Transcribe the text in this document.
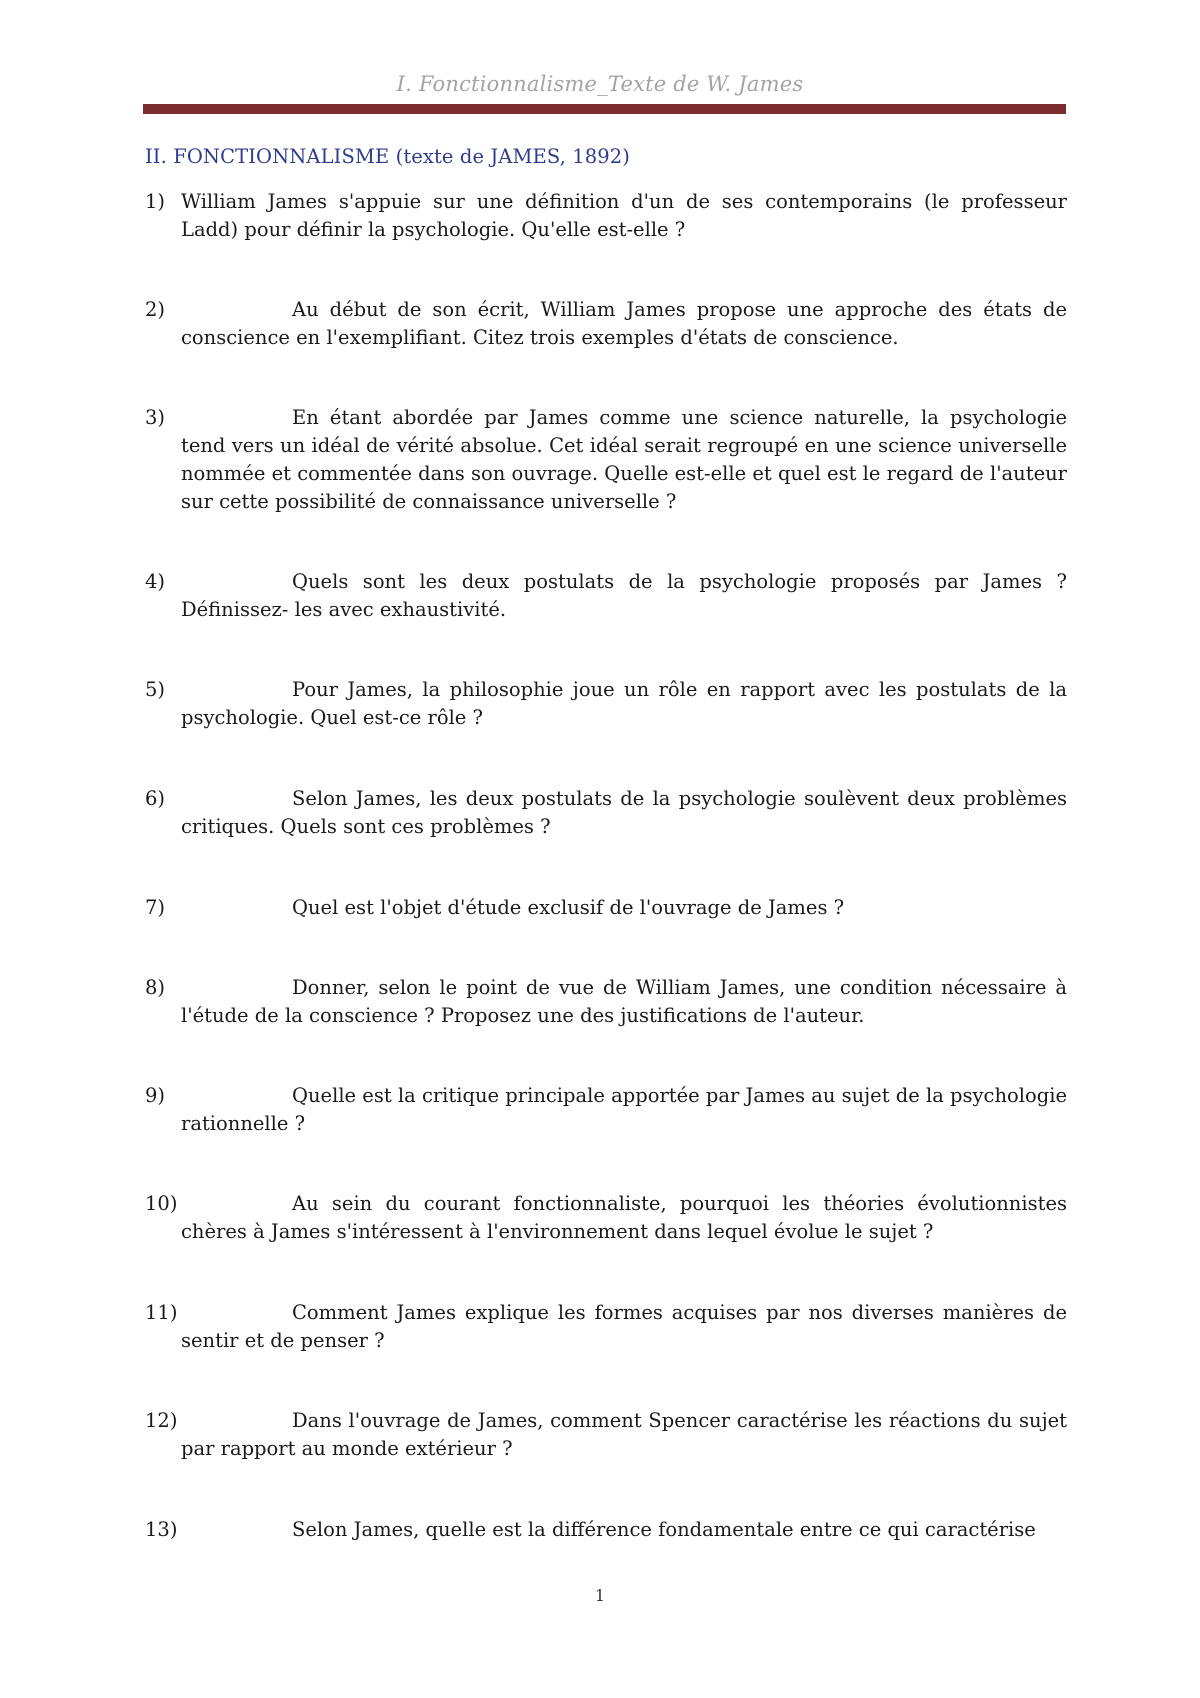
I. Fonctionnalisme_Texte de W. James
II. FONCTIONNALISME (texte de JAMES, 1892)
1) William James s'appuie sur une définition d'un de ses contemporains (le professeur Ladd) pour définir la psychologie. Qu'elle est-elle ?
2)	Au début de son écrit, William James propose une approche des états de conscience en l'exemplifiant. Citez trois exemples d'états de conscience.
3)	En étant abordée par James comme une science naturelle, la psychologie tend vers un idéal de vérité absolue. Cet idéal serait regroupé en une science universelle nommée et commentée dans son ouvrage. Quelle est-elle et quel est le regard de l'auteur sur cette possibilité de connaissance universelle ?
4)	Quels sont les deux postulats de la psychologie proposés par James ? Définissez- les avec exhaustivité.
5)	Pour James, la philosophie joue un rôle en rapport avec les postulats de la psychologie. Quel est-ce rôle ?
6)	Selon James, les deux postulats de la psychologie soulèvent deux problèmes critiques. Quels sont ces problèmes ?
7)	Quel est l'objet d'étude exclusif de l'ouvrage de James ?
8)	Donner, selon le point de vue de William James, une condition nécessaire à l'étude de la conscience ? Proposez une des justifications de l'auteur.
9)	Quelle est la critique principale apportée par James au sujet de la psychologie rationnelle ?
10)	Au sein du courant fonctionnaliste, pourquoi les théories évolutionnistes chères à James s'intéressent à l'environnement dans lequel évolue le sujet ?
11)	Comment James explique les formes acquises par nos diverses manières de sentir et de penser ?
12)	Dans l'ouvrage de James, comment Spencer caractérise les réactions du sujet par rapport au monde extérieur ?
13)	Selon James, quelle est la différence fondamentale entre ce qui caractérise
1
